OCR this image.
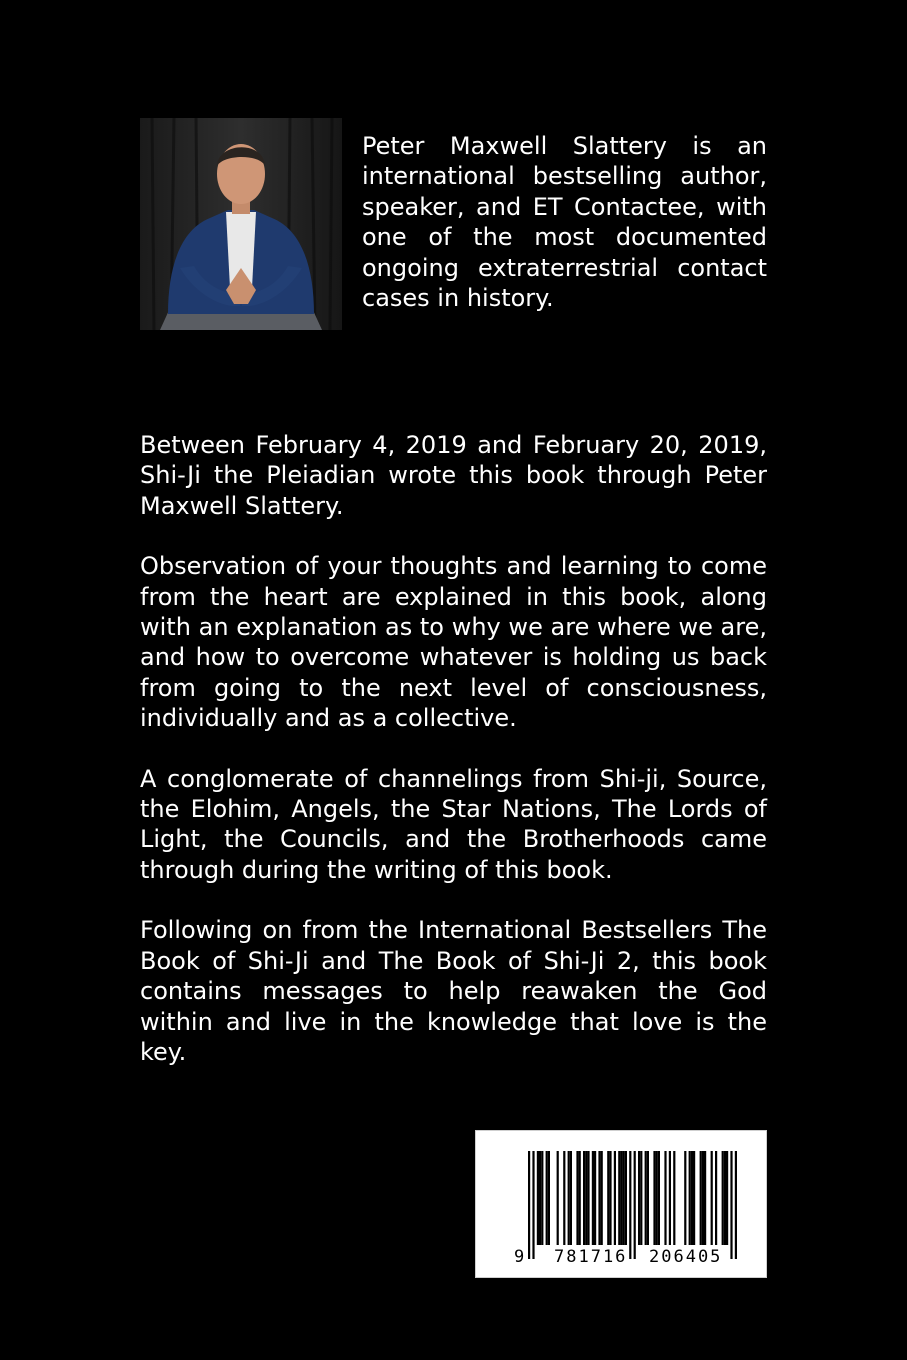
Peter Maxwell Slattery is an international bestselling author, speaker, and ET Contactee, with one of the most documented ongoing extraterrestrial contact cases in history.

Between February 4, 2019 and February 20, 2019, Shi-Ji the Pleiadian wrote this book through Peter Maxwell Slattery.

Observation of your thoughts and learning to come from the heart are explained in this book, along with an explanation as to why we are where we are, and how to overcome whatever is holding us back from going to the next level of consciousness, individually and as a collective.

A conglomerate of channelings from Shi-ji, Source, the Elohim, Angels, the Star Nations, The Lords of Light, the Councils, and the Brotherhoods came through during the writing of this book.

Following on from the International Bestsellers The Book of Shi-Ji and The Book of Shi-Ji 2, this book contains messages to help reawaken the God within and live in the knowledge that love is the key.

9 781716 206405
